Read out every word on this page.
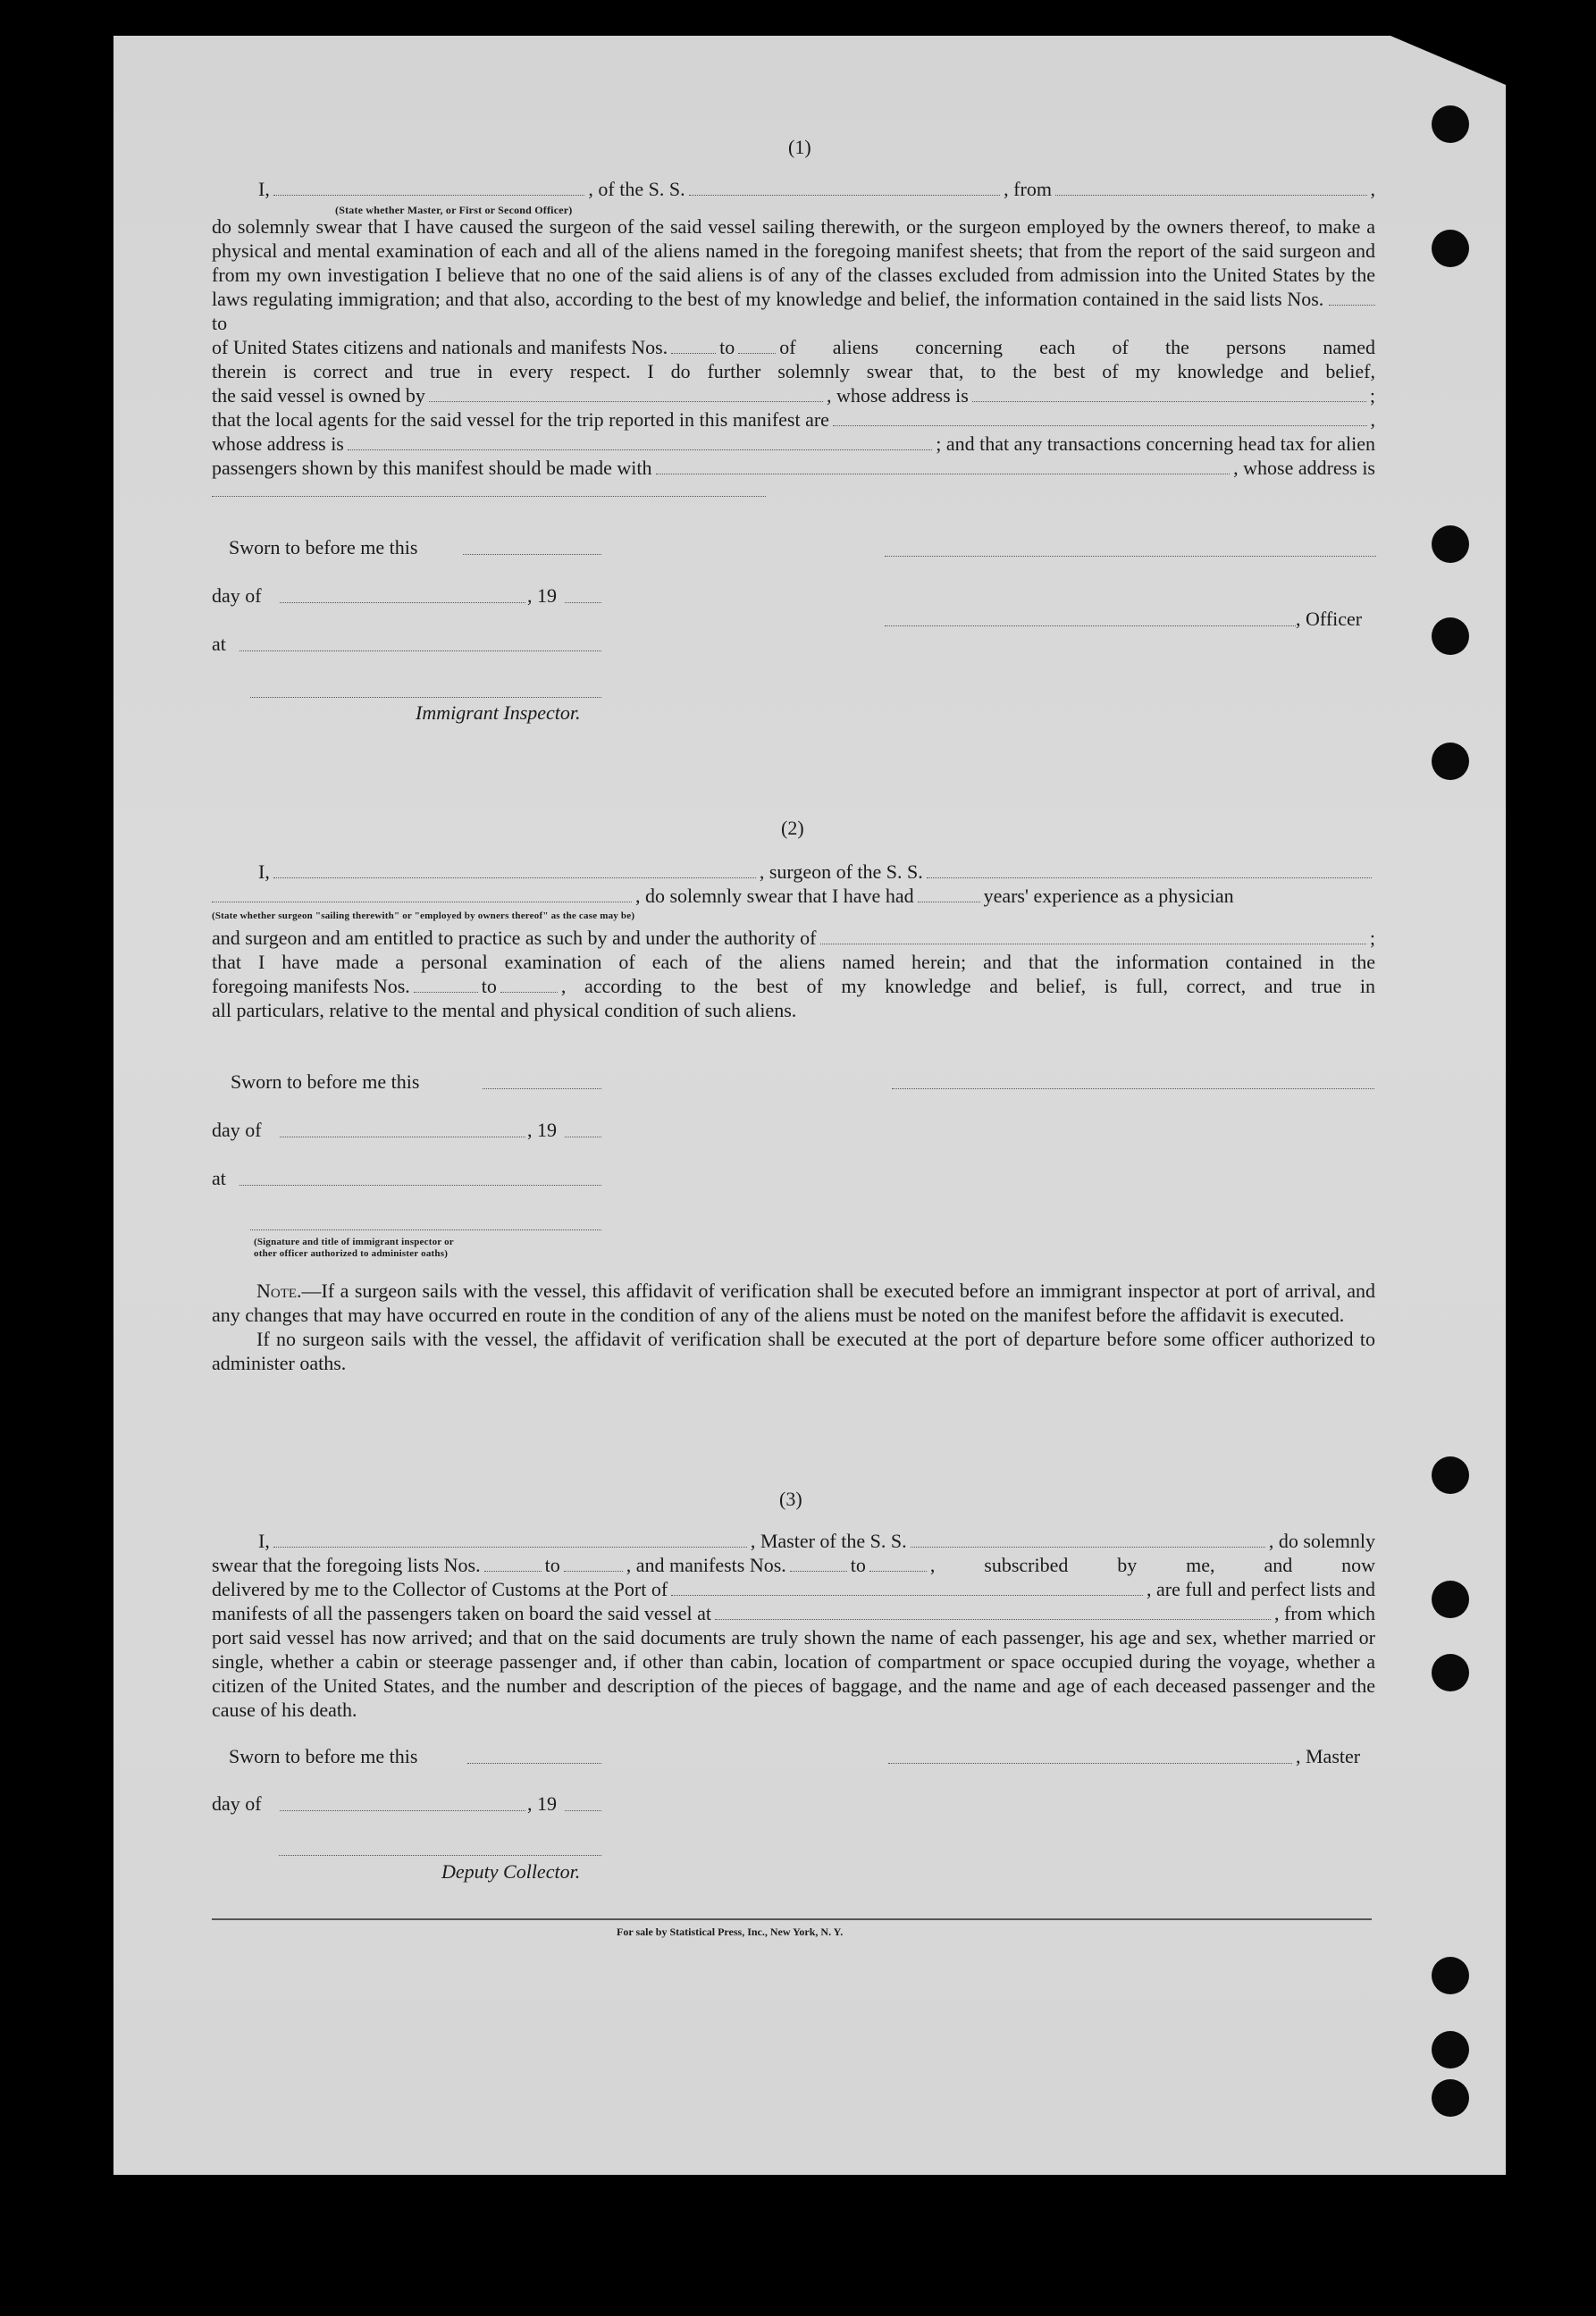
(1)
I,	, of the S. S.	, from	,
(State whether Master, or First or Second Officer)
do solemnly swear that I have caused the surgeon of the said vessel sailing therewith, or the surgeon employed by the owners thereof, to make a physical and mental examination of each and all of the aliens named in the foregoing manifest sheets; that from the report of the said surgeon and from my own investigation I believe that no one of the said aliens is of any of the classes excluded from admission into the United States by the laws regulating immigration; and that also, according to the best of my knowledge and belief, the information contained in the said lists Nos.  to
of United States citizens and nationals and manifests Nos.	to of aliens concerning each of the persons named
therein is correct and true in every respect. I do further solemnly swear that, to the best of my knowledge and belief,
the said vessel is owned by	, whose address is	;
that the local agents for the said vessel for the trip reported in this manifest are	,
whose address is	; and that any transactions concerning head tax for alien
passengers shown by this manifest should be made with	, whose address is
Sworn to before me this
day of	, 19
, Officer
at
Immigrant Inspector.
(2)
I,	, surgeon of the S. S.
, do solemnly swear that I have had	years' experience as a physician
(State whether surgeon "sailing therewith" or "employed by owners thereof" as the case may be)
and surgeon and am entitled to practice as such by and under the authority of	;
that I have made a personal examination of each of the aliens named herein; and that the information contained in the
foregoing manifests Nos.	to	, according to the best of my knowledge and belief, is full, correct, and true in
all particulars, relative to the mental and physical condition of such aliens.
Sworn to before me this
day of	, 19
at
(Signature and title of immigrant inspector or
other officer authorized to administer oaths)
Note.—If a surgeon sails with the vessel, this affidavit of verification shall be executed before an immigrant inspector at port of arrival, and any changes that may have occurred en route in the condition of any of the aliens must be noted on the manifest before the affidavit is executed.
If no surgeon sails with the vessel, the affidavit of verification shall be executed at the port of departure before some officer authorized to administer oaths.
(3)
I,	, Master of the S. S.	, do solemnly
swear that the foregoing lists Nos.	to	, and manifests Nos.	to	, subscribed by me, and now
delivered by me to the Collector of Customs at the Port of	, are full and perfect lists and
manifests of all the passengers taken on board the said vessel at	, from which
port said vessel has now arrived; and that on the said documents are truly shown the name of each passenger, his age and sex, whether married or single, whether a cabin or steerage passenger and, if other than cabin, location of compartment or space occupied during the voyage, whether a citizen of the United States, and the number and description of the pieces of baggage, and the name and age of each deceased passenger and the cause of his death.
Sworn to before me this	, Master
day of	, 19
Deputy Collector.
For sale by Statistical Press, Inc., New York, N. Y.
